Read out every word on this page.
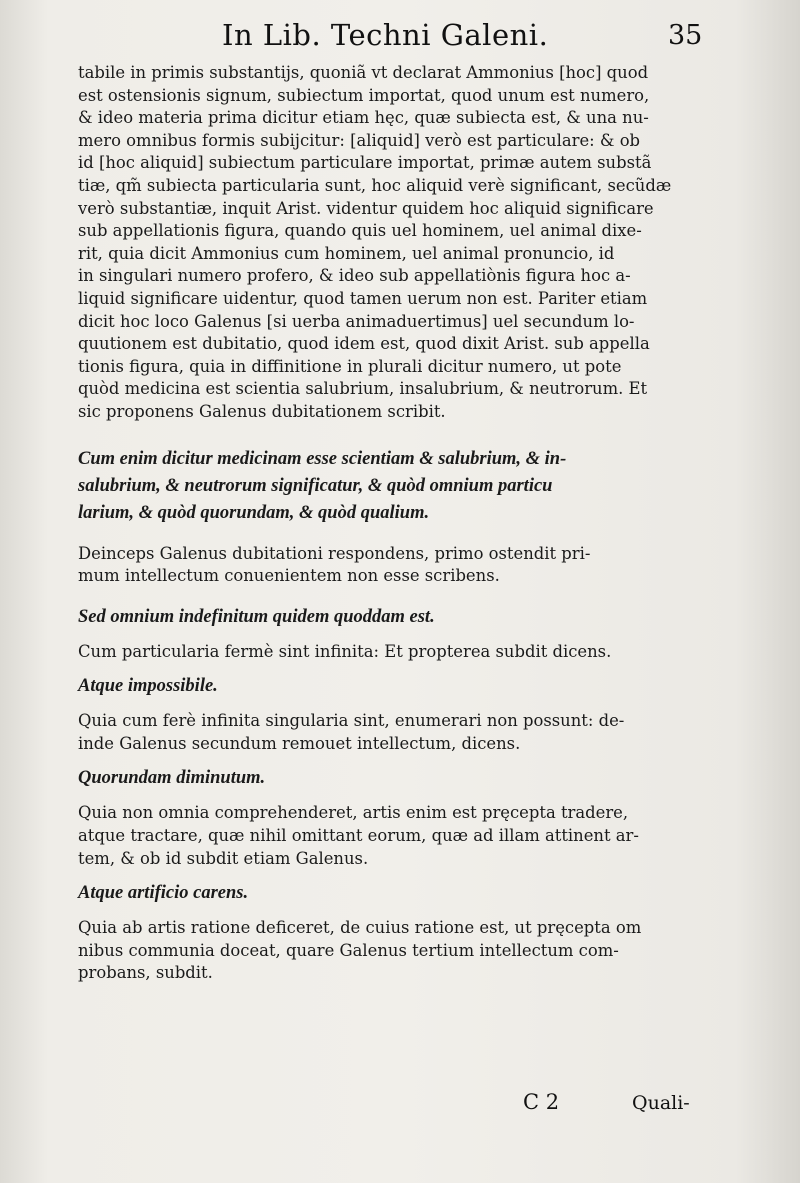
In Lib. Techni Galeni.	35
tabile in primis substantijs, quoniã vt declarat Ammonius [hoc] quod
est ostensionis signum, subiectum importat, quod unum est numero,
& ideo materia prima dicitur etiam hęc, quæ subiecta est, & una nu-
mero omnibus formis subijcitur: [aliquid] verò est particulare: & ob
id [hoc aliquid] subiectum particulare importat, primæ autem substã
tiæ, qm̃ subiecta particularia sunt, hoc aliquid verè significant, secũdæ
verò substantiæ, inquit Arist. videntur quidem hoc aliquid significare
sub appellationis figura, quando quis uel hominem, uel animal dixe-
rit, quia dicit Ammonius cum hominem, uel animal pronuncio, id
in singulari numero profero, & ideo sub appellatiònis figura hoc a-
liquid significare uidentur, quod tamen uerum non est. Pariter etiam
dicit hoc loco Galenus [si uerba animaduertimus] uel secundum lo-
quutionem est dubitatio, quod idem est, quod dixit Arist. sub appella
tionis figura, quia in diffinitione in plurali dicitur numero, ut pote
quòd medicina est scientia salubrium, insalubrium, & neutrorum. Et
sic proponens Galenus dubitationem scribit.
Cum enim dicitur medicinam esse scientiam & salubrium, & in-
salubrium, & neutrorum significatur, & quòd omnium particu
larium, & quòd quorundam, & quòd qualium.
Deinceps Galenus dubitationi respondens, primo ostendit pri-
mum intellectum conuenientem non esse scribens.
Sed omnium indefinitum quidem quoddam est.
Cum particularia fermè sint infinita: Et propterea subdit dicens.
Atque impossibile.
Quia cum ferè infinita singularia sint, enumerari non possunt: de-
inde Galenus secundum remouet intellectum, dicens.
Quorundam diminutum.
Quia non omnia comprehenderet, artis enim est pręcepta tradere,
atque tractare, quæ nihil omittant eorum, quæ ad illam attinent ar-
tem, & ob id subdit etiam Galenus.
Atque artificio carens.
Quia ab artis ratione deficeret, de cuius ratione est, ut pręcepta om
nibus communia doceat, quare Galenus tertium intellectum com-
probans, subdit.
C 2	Quali-
